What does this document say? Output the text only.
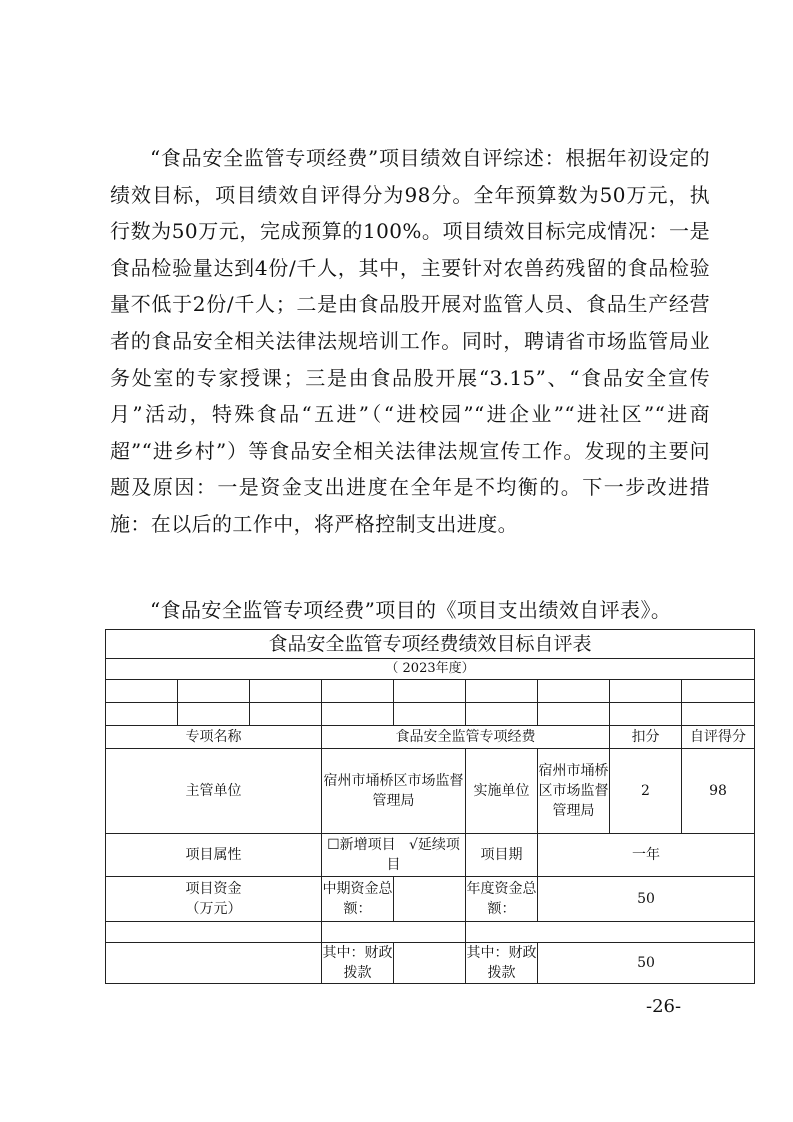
“食品安全监管专项经费”项目绩效自评综述：根据年初设定的绩效目标，项目绩效自评得分为98分。全年预算数为50万元，执行数为50万元，完成预算的100%。项目绩效目标完成情况：一是食品检验量达到4份/千人，其中，主要针对农兽药残留的食品检验量不低于2份/千人；二是由食品股开展对监管人员、食品生产经营者的食品安全相关法律法规培训工作。同时，聘请省市场监管局业务处室的专家授课；三是由食品股开展“3.15”、“食品安全宣传月”活动，特殊食品“五进”（“进校园”“进企业”“进社区”“进商超”“进乡村”）等食品安全相关法律法规宣传工作。发现的主要问题及原因：一是资金支出进度在全年是不均衡的。下一步改进措施：在以后的工作中，将严格控制支出进度。

“食品安全监管专项经费”项目的《项目支出绩效自评表》。

食品安全监管专项经费绩效目标自评表								
（ 2023年度）								

专项名称			食品安全监管专项经费				扣分	自评得分
主管单位			宿州市埇桥区市场监督管理局		实施单位	宿州市埇桥区市场监督管理局	2	98
项目属性			☐新增项目 √延续项目		项目期	一年		

项目资金
（万元）			中期资金总额：		年度资金总额：	50		

			其中：财政拨款		其中：财政拨款	50		
-26-
